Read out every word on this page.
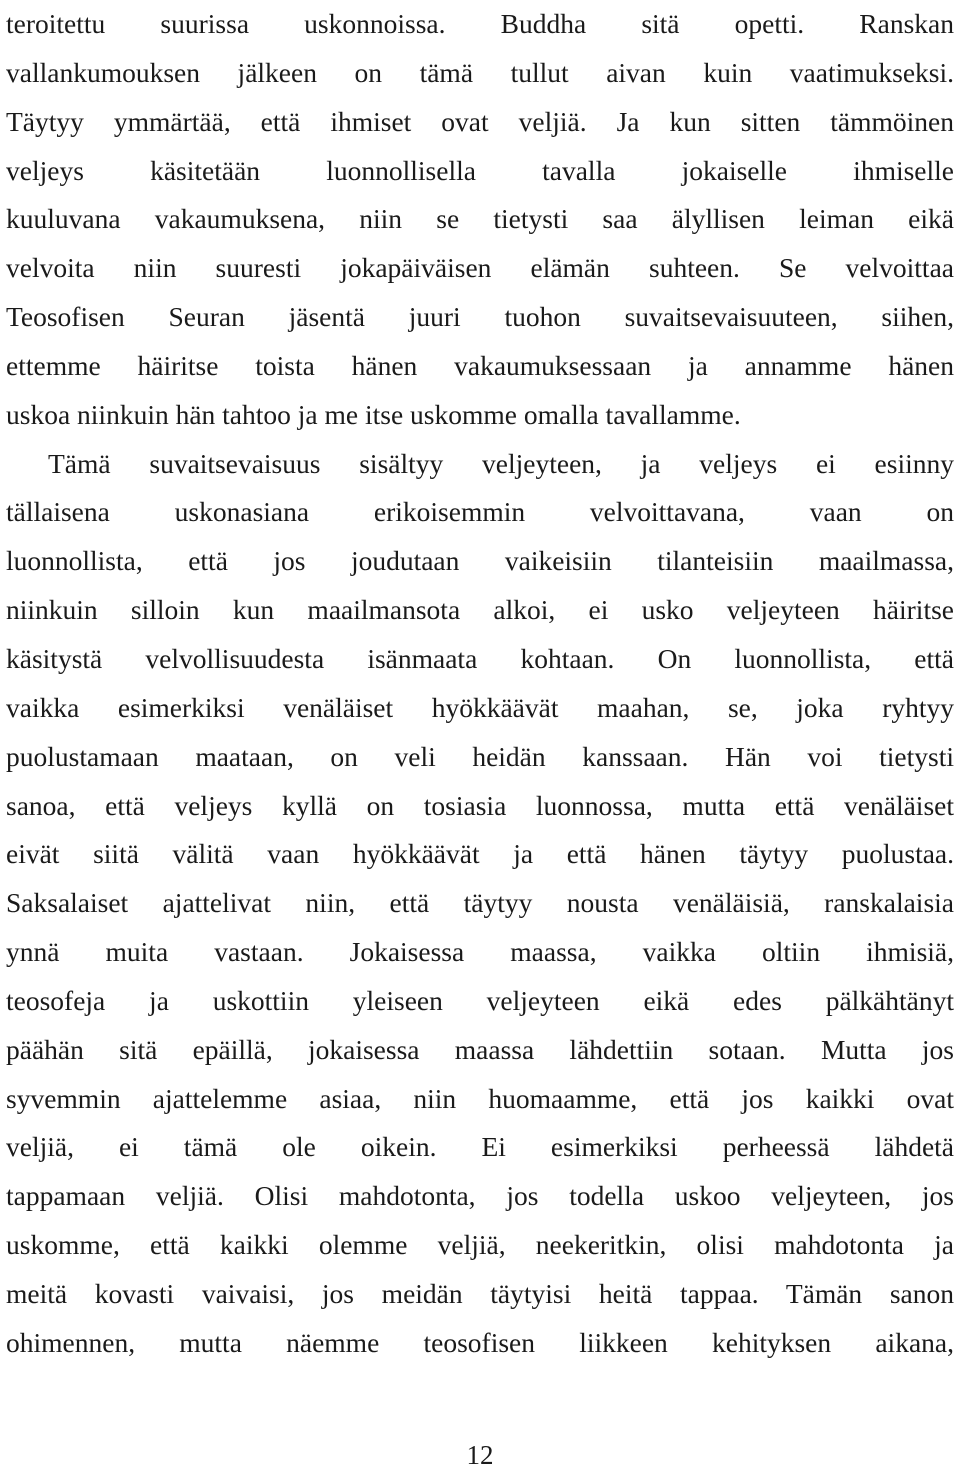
teroitettu suurissa uskonnoissa. Buddha sitä opetti. Ranskan
vallankumouksen jälkeen on tämä tullut aivan kuin vaatimukseksi.
Täytyy ymmärtää, että ihmiset ovat veljiä. Ja kun sitten tämmöinen
veljeys käsitetään luonnollisella tavalla jokaiselle ihmiselle
kuuluvana vakaumuksena, niin se tietysti saa älyllisen leiman eikä
velvoita niin suuresti jokapäiväisen elämän suhteen. Se velvoittaa
Teosofisen Seuran jäsentä juuri tuohon suvaitsevaisuuteen, siihen,
ettemme häiritse toista hänen vakaumuksessaan ja annamme hänen
uskoa niinkuin hän tahtoo ja me itse uskomme omalla tavallamme.
Tämä suvaitsevaisuus sisältyy veljeyteen, ja veljeys ei esiinny
tällaisena uskonasiana erikoisemmin velvoittavana, vaan on
luonnollista, että jos joudutaan vaikeisiin tilanteisiin maailmassa,
niinkuin silloin kun maailmansota alkoi, ei usko veljeyteen häiritse
käsitystä velvollisuudesta isänmaata kohtaan. On luonnollista, että
vaikka esimerkiksi venäläiset hyökkäävät maahan, se, joka ryhtyy
puolustamaan maataan, on veli heidän kanssaan. Hän voi tietysti
sanoa, että veljeys kyllä on tosiasia luonnossa, mutta että venäläiset
eivät siitä välitä vaan hyökkäävät ja että hänen täytyy puolustaa.
Saksalaiset ajattelivat niin, että täytyy nousta venäläisiä, ranskalaisia
ynnä muita vastaan. Jokaisessa maassa, vaikka oltiin ihmisiä,
teosofeja ja uskottiin yleiseen veljeyteen eikä edes pälkähtänyt
päähän sitä epäillä, jokaisessa maassa lähdettiin sotaan. Mutta jos
syvemmin ajattelemme asiaa, niin huomaamme, että jos kaikki ovat
veljiä, ei tämä ole oikein. Ei esimerkiksi perheessä lähdetä
tappamaan veljiä. Olisi mahdotonta, jos todella uskoo veljeyteen, jos
uskomme, että kaikki olemme veljiä, neekeritkin, olisi mahdotonta ja
meitä kovasti vaivaisi, jos meidän täytyisi heitä tappaa. Tämän sanon
ohimennen, mutta näemme teosofisen liikkeen kehityksen aikana,
12
